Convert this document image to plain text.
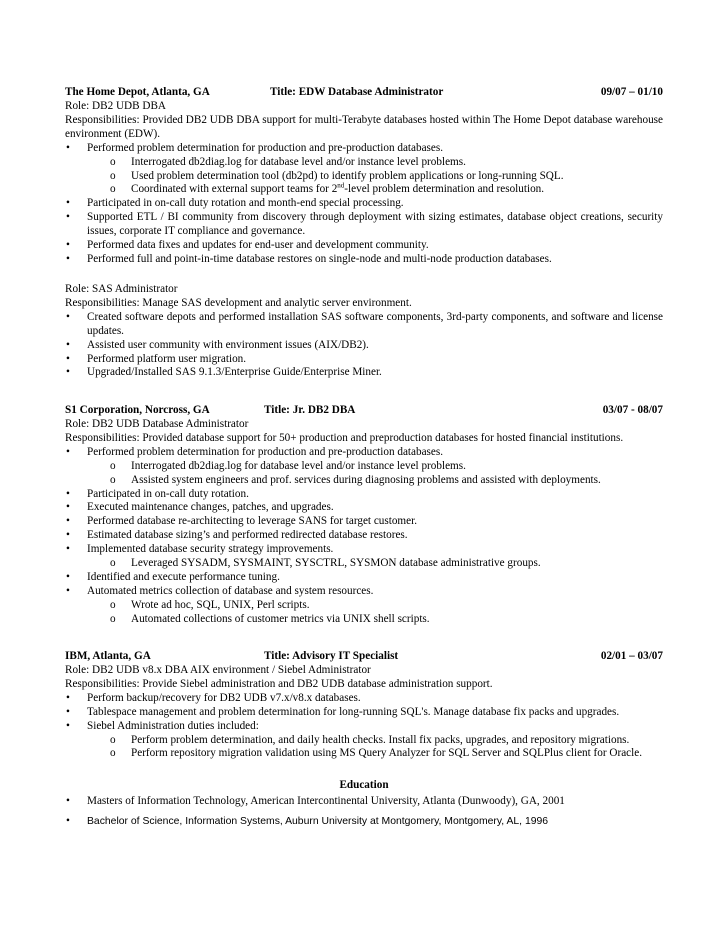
The Home Depot, Atlanta, GA	Title: EDW Database Administrator	09/07 – 01/10
Role: DB2 UDB DBA
Responsibilities: Provided DB2 UDB DBA support for multi-Terabyte databases hosted within The Home Depot database warehouse environment (EDW).
• Performed problem determination for production and pre-production databases.
o Interrogated db2diag.log for database level and/or instance level problems.
o Used problem determination tool (db2pd) to identify problem applications or long-running SQL.
o Coordinated with external support teams for 2nd-level problem determination and resolution.
• Participated in on-call duty rotation and month-end special processing.
• Supported ETL / BI community from discovery through deployment with sizing estimates, database object creations, security issues, corporate IT compliance and governance.
• Performed data fixes and updates for end-user and development community.
• Performed full and point-in-time database restores on single-node and multi-node production databases.
Role: SAS Administrator
Responsibilities: Manage SAS development and analytic server environment.
• Created software depots and performed installation SAS software components, 3rd-party components, and software and license updates.
• Assisted user community with environment issues (AIX/DB2).
• Performed platform user migration.
• Upgraded/Installed SAS 9.1.3/Enterprise Guide/Enterprise Miner.
S1 Corporation, Norcross, GA	Title: Jr. DB2 DBA	03/07 - 08/07
Role: DB2 UDB Database Administrator
Responsibilities: Provided database support for 50+ production and preproduction databases for hosted financial institutions.
• Performed problem determination for production and pre-production databases.
o Interrogated db2diag.log for database level and/or instance level problems.
o Assisted system engineers and prof. services during diagnosing problems and assisted with deployments.
• Participated in on-call duty rotation.
• Executed maintenance changes, patches, and upgrades.
• Performed database re-architecting to leverage SANS for target customer.
• Estimated database sizing’s and performed redirected database restores.
• Implemented database security strategy improvements.
o Leveraged SYSADM, SYSMAINT, SYSCTRL, SYSMON database administrative groups.
• Identified and execute performance tuning.
• Automated metrics collection of database and system resources.
o Wrote ad hoc, SQL, UNIX, Perl scripts.
o Automated collections of customer metrics via UNIX shell scripts.
IBM, Atlanta, GA	Title: Advisory IT Specialist	02/01 – 03/07
Role: DB2 UDB v8.x DBA AIX environment / Siebel Administrator
Responsibilities: Provide Siebel administration and DB2 UDB database administration support.
• Perform backup/recovery for DB2 UDB v7.x/v8.x databases.
• Tablespace management and problem determination for long-running SQL's. Manage database fix packs and upgrades.
• Siebel Administration duties included:
o Perform problem determination, and daily health checks. Install fix packs, upgrades, and repository migrations.
o Perform repository migration validation using MS Query Analyzer for SQL Server and SQLPlus client for Oracle.
Education
• Masters of Information Technology, American Intercontinental University, Atlanta (Dunwoody), GA, 2001
• Bachelor of Science, Information Systems, Auburn University at Montgomery, Montgomery, AL, 1996
